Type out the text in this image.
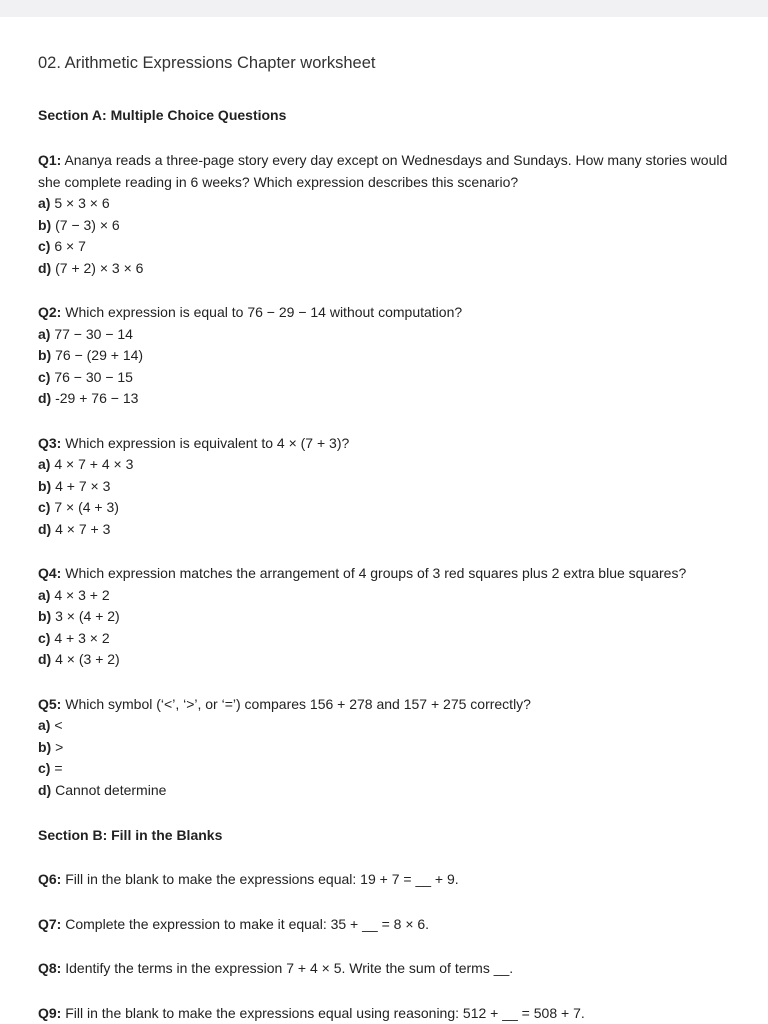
02. Arithmetic Expressions Chapter worksheet
Section A: Multiple Choice Questions
Q1: Ananya reads a three-page story every day except on Wednesdays and Sundays. How many stories would she complete reading in 6 weeks? Which expression describes this scenario?
a) 5 × 3 × 6
b) (7 − 3) × 6
c) 6 × 7
d) (7 + 2) × 3 × 6
Q2: Which expression is equal to 76 − 29 − 14 without computation?
a) 77 − 30 − 14
b) 76 − (29 + 14)
c) 76 − 30 − 15
d) -29 + 76 − 13
Q3: Which expression is equivalent to 4 × (7 + 3)?
a) 4 × 7 + 4 × 3
b) 4 + 7 × 3
c) 7 × (4 + 3)
d) 4 × 7 + 3
Q4: Which expression matches the arrangement of 4 groups of 3 red squares plus 2 extra blue squares?
a) 4 × 3 + 2
b) 3 × (4 + 2)
c) 4 + 3 × 2
d) 4 × (3 + 2)
Q5: Which symbol (‘<’, ‘>’, or ‘=’) compares 156 + 278 and 157 + 275 correctly?
a) <
b) >
c) =
d) Cannot determine
Section B: Fill in the Blanks
Q6: Fill in the blank to make the expressions equal: 19 + 7 = __ + 9.
Q7: Complete the expression to make it equal: 35 + __ = 8 × 6.
Q8: Identify the terms in the expression 7 + 4 × 5. Write the sum of terms __.
Q9: Fill in the blank to make the expressions equal using reasoning: 512 + __ = 508 + 7.
